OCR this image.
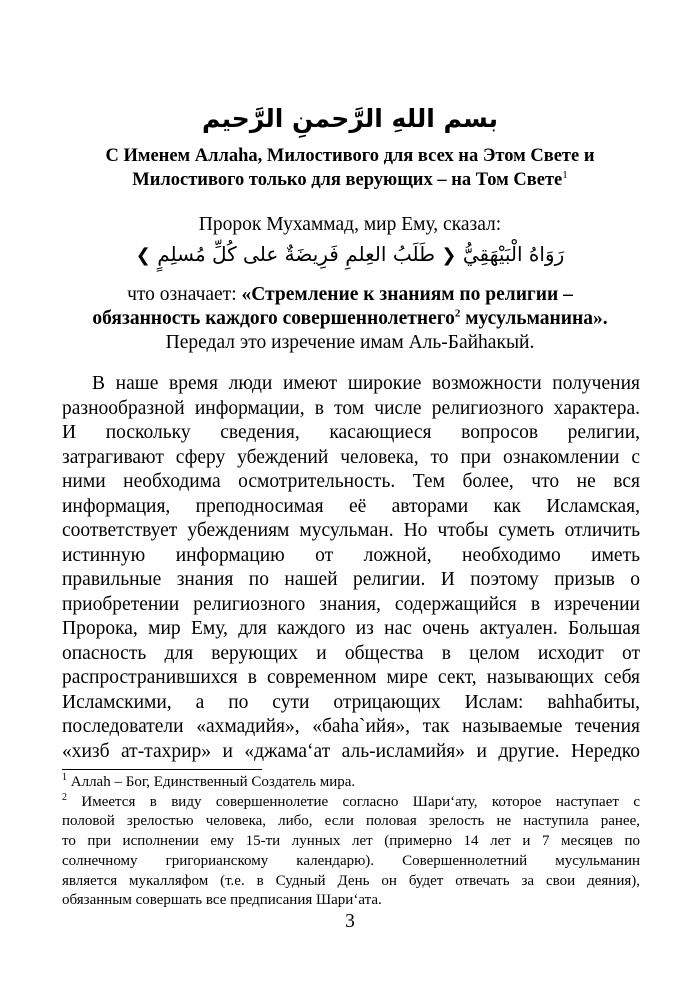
بسم اللهِ الرَّحمنِ الرَّحيم
С Именем Аллаhа, Милостивого для всех на Этом Свете и
Милостивого только для верующих – на Том Свете$^1$
Пророк Мухаммад, мир Ему, сказал:
❮ طَلَبُ العِلمِ فَرِيضَةٌ على كُلِّ مُسلِمٍ ❯ رَوَاهُ الْبَيْهَقِيُّ
что означает: «Стремление к знаниям по религии –
обязанность каждого совершеннолетнего$^2$ мусульманина».
Передал это изречение имам Аль-Байhакый.
В наше время люди имеют широкие возможности получения
разнообразной информации, в том числе религиозного характера.
И поскольку сведения, касающиеся вопросов религии,
затрагивают сферу убеждений человека, то при ознакомлении с
ними необходима осмотрительность. Тем более, что не вся
информация, преподносимая её авторами как Исламская,
соответствует убеждениям мусульман. Но чтобы суметь отличить
истинную информацию от ложной, необходимо иметь
правильные знания по нашей религии. И поэтому призыв о
приобретении религиозного знания, содержащийся в изречении
Пророка, мир Ему, для каждого из нас очень актуален. Большая
опасность для верующих и общества в целом исходит от
распространившихся в современном мире сект, называющих себя
Исламскими, а по сути отрицающих Ислам: ваhhабиты,
последователи «ахмадийя», «баhа`ийя», так называемые течения
«хизб ат-тахрир» и «джама‘ат аль-исламийя» и другие. Нередко
$^1$ Аллаh – Бог, Единственный Создатель мира.
$^2$ Имеется в виду совершеннолетие согласно Шари‘ату, которое наступает с
половой зрелостью человека, либо, если половая зрелость не наступила ранее,
то при исполнении ему 15-ти лунных лет (примерно 14 лет и 7 месяцев по
солнечному григорианскому календарю). Совершеннолетний мусульманин
является мукалляфом (т.е. в Судный День он будет отвечать за свои деяния),
обязанным совершать все предписания Шари‘ата.
3
